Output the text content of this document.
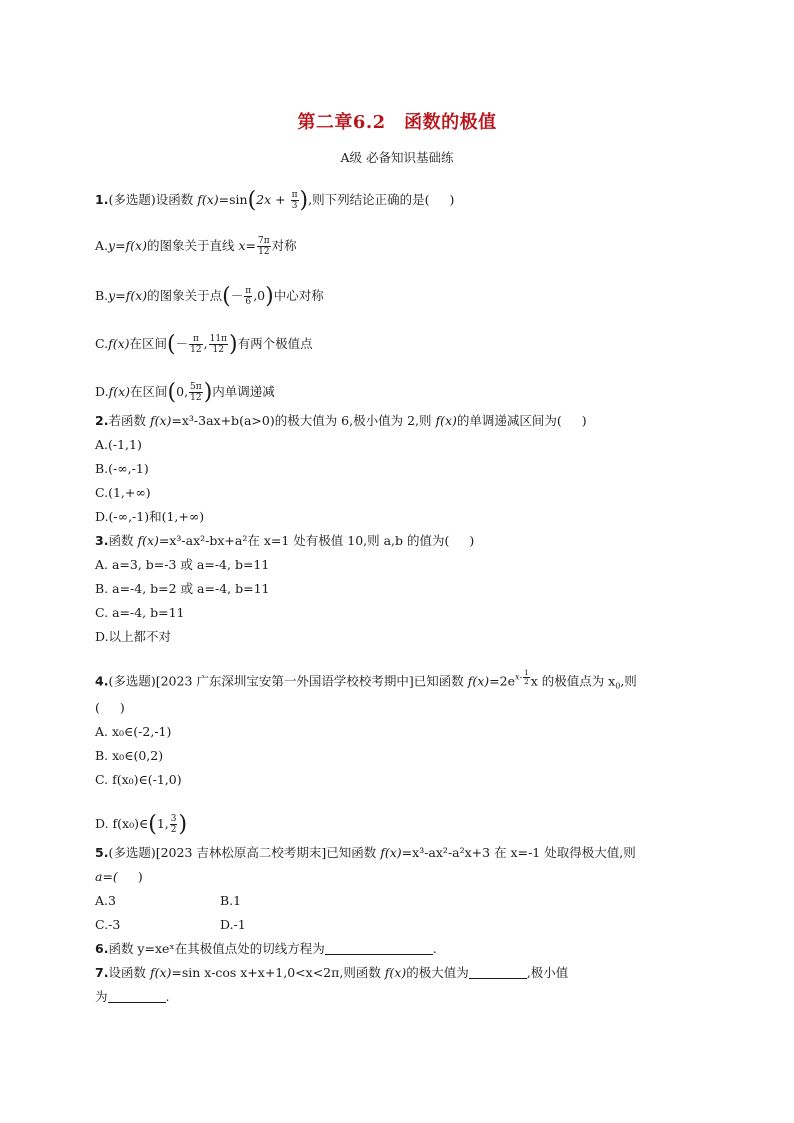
第二章6.2　函数的极值
A级 必备知识基础练
1.(多选题)设函数 $f(x)=\sin(2x + \frac{\pi}{3}$ ),则下列结论正确的是( )
A.y=f(x)的图象关于直线 $x= \frac{7\pi}{12}$ 对称
B.y=f(x)的图象关于点(－ $\frac{\pi}{6} ,0$)中心对称
C.f(x)在区间(－ $\frac{\pi}{12}$ , $\frac{11\pi}{12}$ )有两个极值点
D.f(x)在区间(0, $\frac{5\pi}{12}$ )内单调递减
2.若函数 f(x)=x³-3ax+b(a>0)的极大值为 6,极小值为 2,则 f(x)的单调递减区间为( )
A.(-1,1)
B.(-∞,-1)
C.(1,+∞)
D.(-∞,-1)和(1,+∞)
3.函数 f(x)=x³-ax²-bx+a²在 x=1 处有极值 10,则 a,b 的值为( )
A. a=3, b=-3 或 a=-4, b=11
B. a=-4, b=2 或 a=-4, b=11
C. a=-4, b=11
D.以上都不对
4.(多选题)[2023 广东深圳宝安第一外国语学校校考期中]已知函数 $f(x)=2ex- \frac{1}{2}$ x 的极值点为 $x_0$,则
( )
A. x₀∈(-2,-1)
B. x₀∈(0,2)
C. f(x₀)∈(-1,0)
D. f(x₀)∈(1, $\frac{3}{2}$ )
5.(多选题)[2023 吉林松原高二校考期末]已知函数 f(x)=x³-ax²-a²x+3 在 x=-1 处取得极大值,则
a=( )
A.3	B.1
C.-3	D.-1
6.函数 y=xeˣ在其极值点处的切线方程为	.
7.设函数 f(x)=sin x-cos x+x+1,0<x<2π,则函数 f(x)的极大值为	,极小值
为	.
